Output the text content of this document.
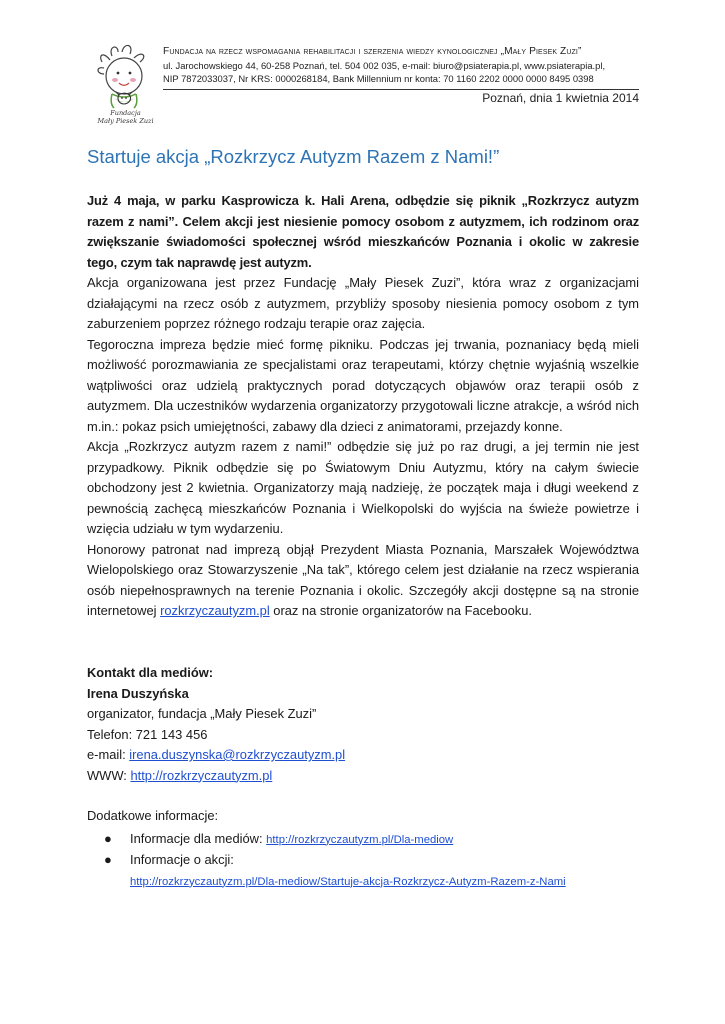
Fundacja
Mały Piesek Zuzi
Fundacja na rzecz wspomagania rehabilitacji i szerzenia wiedzy kynologicznej „Mały Piesek Zuzi”
ul. Jarochowskiego 44, 60-258 Poznań, tel. 504 002 035, e-mail: biuro@psiaterapia.pl, www.psiaterapia.pl,
NIP 7872033037, Nr KRS: 0000268184, Bank Millennium nr konta: 70 1160 2202 0000 0000 8495 0398
Poznań, dnia 1 kwietnia 2014
Startuje akcja „Rozkrzycz Autyzm Razem z Nami!”

Już 4 maja, w parku Kasprowicza k. Hali Arena, odbędzie się piknik „Rozkrzycz autyzm razem z nami”. Celem akcji jest niesienie pomocy osobom z autyzmem, ich rodzinom oraz zwiększanie świadomości społecznej wśród mieszkańców Poznania i okolic w zakresie tego, czym tak naprawdę jest autyzm.

Akcja organizowana jest przez Fundację „Mały Piesek Zuzi”, która wraz z organizacjami działającymi na rzecz osób z autyzmem, przybliży sposoby niesienia pomocy osobom z tym zaburzeniem poprzez różnego rodzaju terapie oraz zajęcia.

Tegoroczna impreza będzie mieć formę pikniku. Podczas jej trwania, poznaniacy będą mieli możliwość porozmawiania ze specjalistami oraz terapeutami, którzy chętnie wyjaśnią wszelkie wątpliwości oraz udzielą praktycznych porad dotyczących objawów oraz terapii osób z autyzmem. Dla uczestników wydarzenia organizatorzy przygotowali liczne atrakcje, a wśród nich m.in.: pokaz psich umiejętności, zabawy dla dzieci z animatorami, przejazdy konne.

Akcja „Rozkrzycz autyzm razem z nami!” odbędzie się już po raz drugi, a jej termin nie jest przypadkowy. Piknik odbędzie się po Światowym Dniu Autyzmu, który na całym świecie obchodzony jest 2 kwietnia. Organizatorzy mają nadzieję, że początek maja i długi weekend z pewnością zachęcą mieszkańców Poznania i Wielkopolski do wyjścia na świeże powietrze i wzięcia udziału w tym wydarzeniu.

Honorowy patronat nad imprezą objął Prezydent Miasta Poznania, Marszałek Województwa Wielopolskiego oraz Stowarzyszenie „Na tak”, którego celem jest działanie na rzecz wspierania osób niepełnosprawnych na terenie Poznania i okolic. Szczegóły akcji dostępne są na stronie internetowej rozkrzyczautyzm.pl oraz na stronie organizatorów na Facebooku.

Kontakt dla mediów:
Irena Duszyńska
organizator, fundacja „Mały Piesek Zuzi”
Telefon: 721 143 456
e-mail: irena.duszynska@rozkrzyczautyzm.pl
WWW: http://rozkrzyczautyzm.pl
Dodatkowe informacje:
● Informacje dla mediów: http://rozkrzyczautyzm.pl/Dla-mediow
● Informacje o akcji:
http://rozkrzyczautyzm.pl/Dla-mediow/Startuje-akcja-Rozkrzycz-Autyzm-Razem-z-Nami
